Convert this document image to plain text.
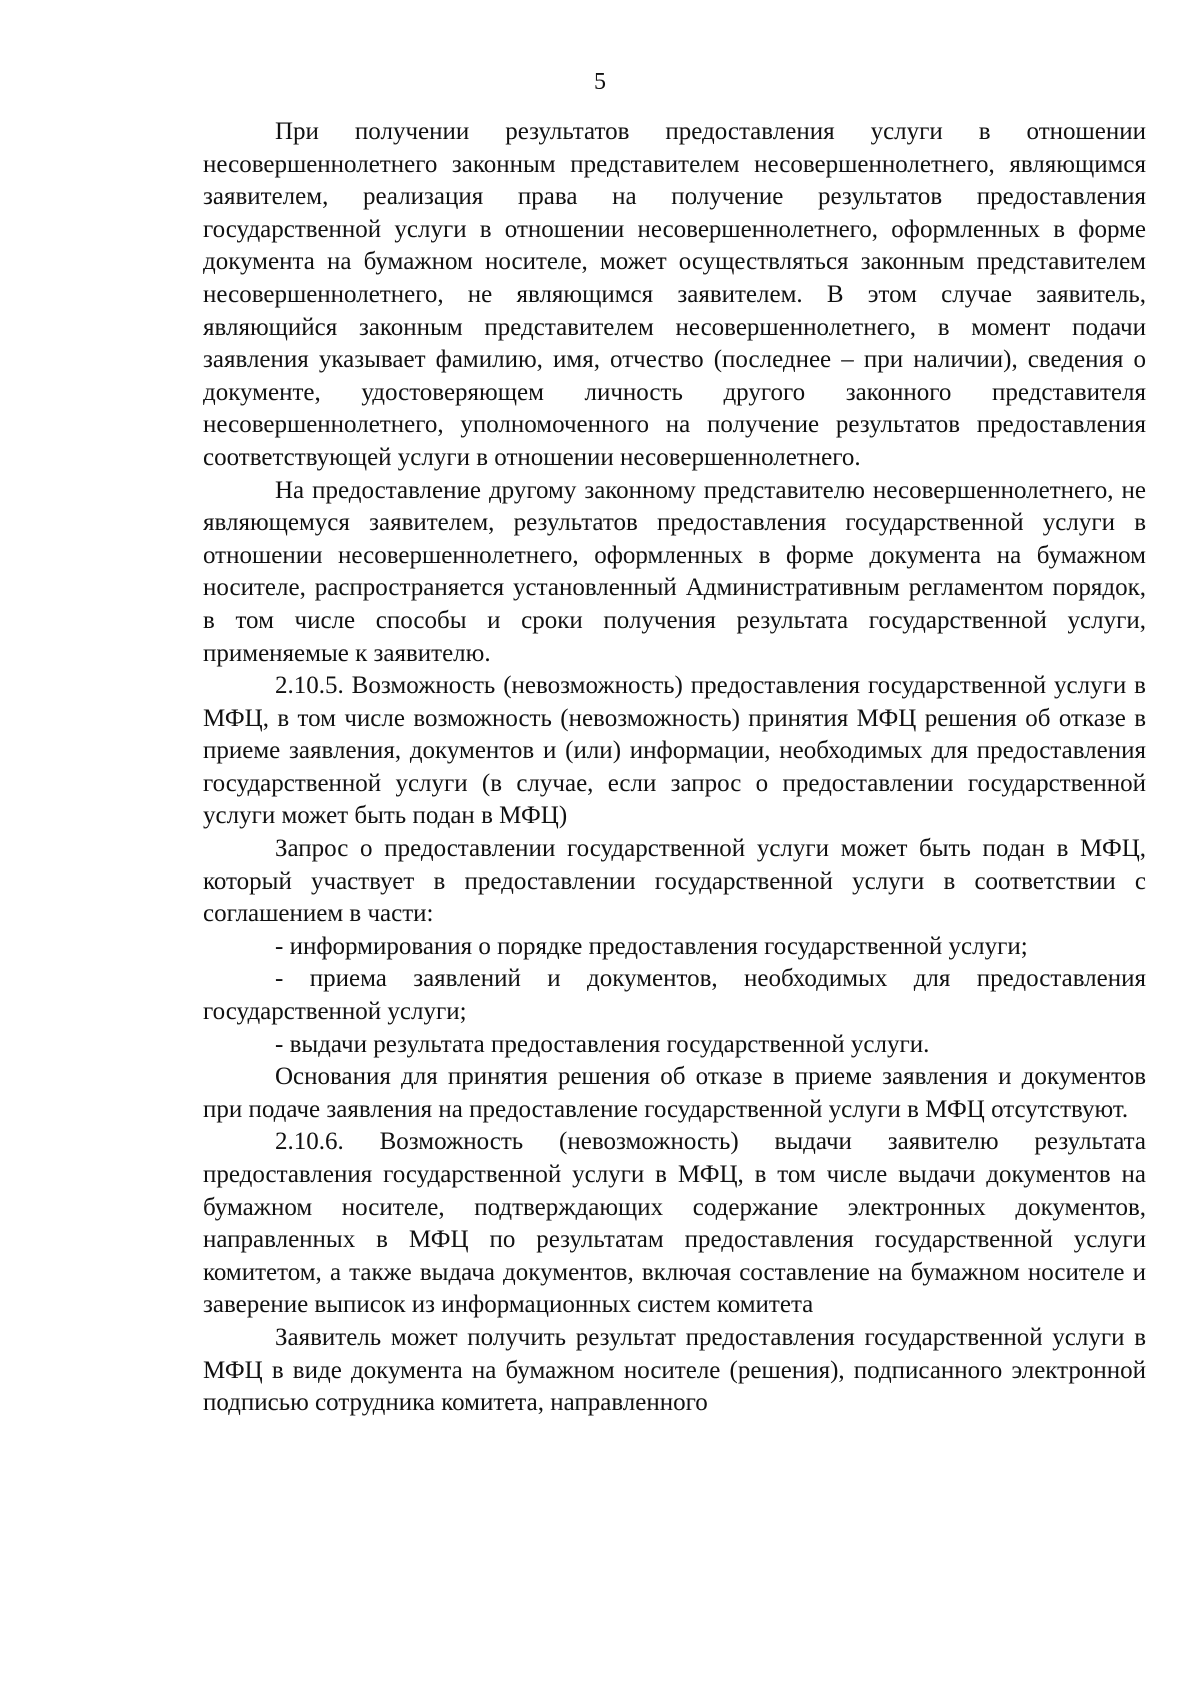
5

При получении результатов предоставления услуги в отношении несовершеннолетнего законным представителем несовершеннолетнего, являющимся заявителем, реализация права на получение результатов предоставления государственной услуги в отношении несовершеннолетнего, оформленных в форме документа на бумажном носителе, может осуществляться законным представителем несовершеннолетнего, не являющимся заявителем. В этом случае заявитель, являющийся законным представителем несовершеннолетнего, в момент подачи заявления указывает фамилию, имя, отчество (последнее – при наличии), сведения о документе, удостоверяющем личность другого законного представителя несовершеннолетнего, уполномоченного на получение результатов предоставления соответствующей услуги в отношении несовершеннолетнего.

На предоставление другому законному представителю несовершеннолетнего, не являющемуся заявителем, результатов предоставления государственной услуги в отношении несовершеннолетнего, оформленных в форме документа на бумажном носителе, распространяется установленный Административным регламентом порядок, в том числе способы и сроки получения результата государственной услуги, применяемые к заявителю.

2.10.5. Возможность (невозможность) предоставления государственной услуги в МФЦ, в том числе возможность (невозможность) принятия МФЦ решения об отказе в приеме заявления, документов и (или) информации, необходимых для предоставления государственной услуги (в случае, если запрос о предоставлении государственной услуги может быть подан в МФЦ)

Запрос о предоставлении государственной услуги может быть подан в МФЦ, который участвует в предоставлении государственной услуги в соответствии с соглашением в части:

- информирования о порядке предоставления государственной услуги;

- приема заявлений и документов, необходимых для предоставления государственной услуги;

- выдачи результата предоставления государственной услуги.

Основания для принятия решения об отказе в приеме заявления и документов при подаче заявления на предоставление государственной услуги в МФЦ отсутствуют.

2.10.6. Возможность (невозможность) выдачи заявителю результата предоставления государственной услуги в МФЦ, в том числе выдачи документов на бумажном носителе, подтверждающих содержание электронных документов, направленных в МФЦ по результатам предоставления государственной услуги комитетом, а также выдача документов, включая составление на бумажном носителе и заверение выписок из информационных систем комитета

Заявитель может получить результат предоставления государственной услуги в МФЦ в виде документа на бумажном носителе (решения), подписанного электронной подписью сотрудника комитета, направленного
